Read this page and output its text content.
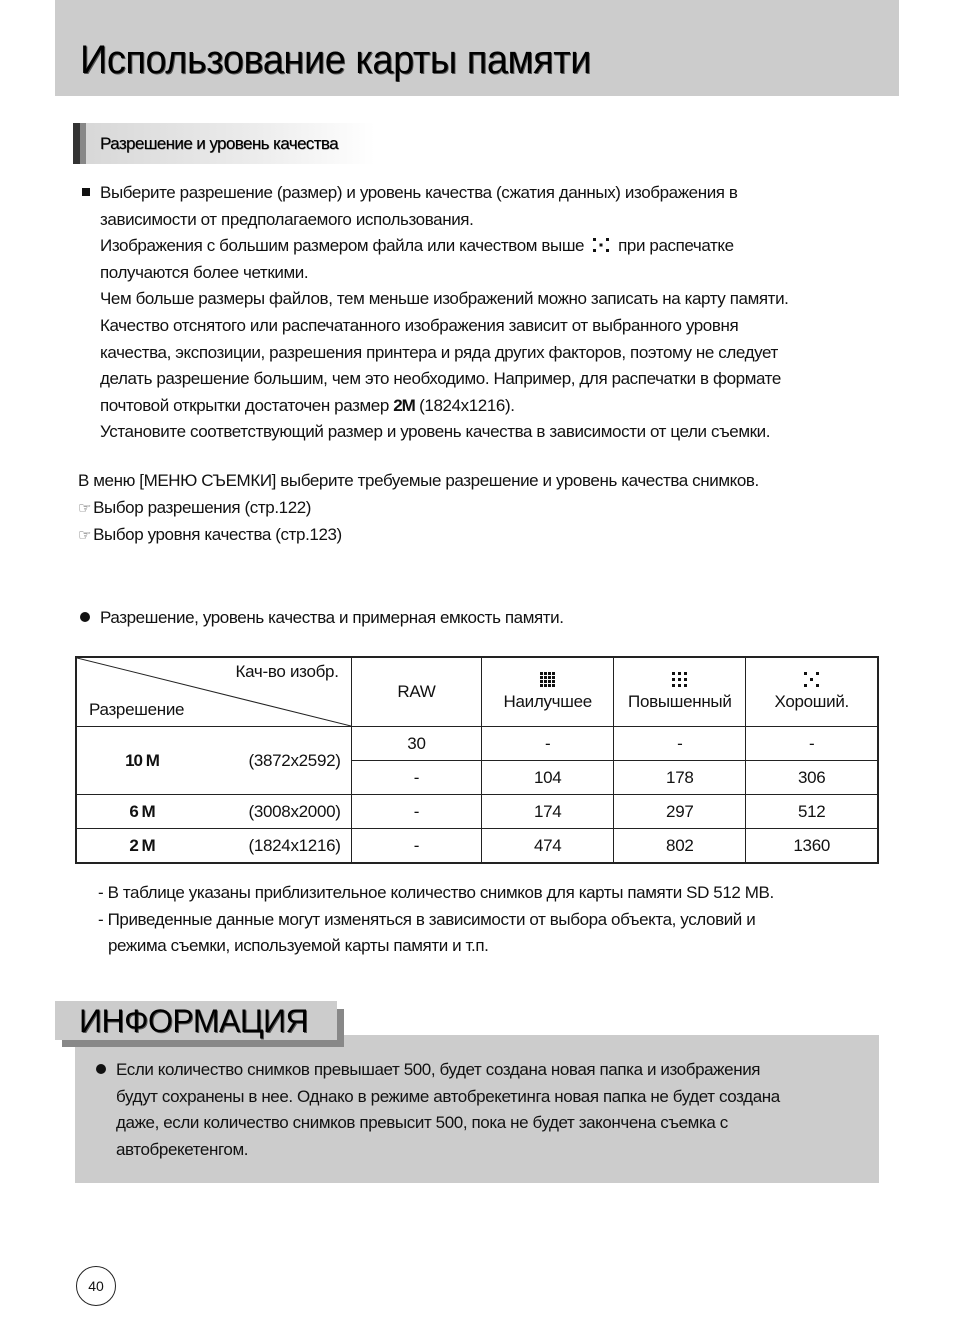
Использование карты памяти
Разрешение и уровень качества

Выберите разрешение (размер) и уровень качества (сжатия данных) изображения в

зависимости от предполагаемого использования.

Изображения с большим размером файла или качеством выше при распечатке

получаются более четкими.

Чем больше размеры файлов, тем меньше изображений можно записать на карту памяти.

Качество отснятого или распечатанного изображения зависит от выбранного уровня

качества, экспозиции, разрешения принтера и ряда других факторов, поэтому не следует

делать разрешение большим, чем это необходимо. Например, для распечатки в формате

почтовой открытки достаточен размер 2M (1824x1216).

Установите соответствующий размер и уровень качества в зависимости от цели съемки.

В меню [МЕНЮ СЪЕМКИ] выберите требуемые разрешение и уровень качества снимков.

☞ Выбор разрешения (стр.122)

☞ Выбор уровня качества (стр.123)

Разрешение, уровень качества и примерная емкость памяти.
Кач-во изобр.
Разрешение	RAW	Наилучшее	Повышенный	Хороший.

10 M (3872x2592)	30	-	-	-
	-	104	178	306

6 M (3008x2000)	-	174	297	512

2 M (1824x1216)	-	474	802	1360

- В таблице указаны приблизительное количество снимков для карты памяти SD 512 MB.

- Приведенные данные могут изменяться в зависимости от выбора объекта, условий и

режима съемки, используемой карты памяти и т.п.

ИНФОРМАЦИЯ

Если количество снимков превышает 500, будет создана новая папка и изображения

будут сохранены в нее. Однако в режиме автобрекетинга новая папка не будет создана

даже, если количество снимков превысит 500, пока не будет закончена съемка с

автобрекетенгом.

40
